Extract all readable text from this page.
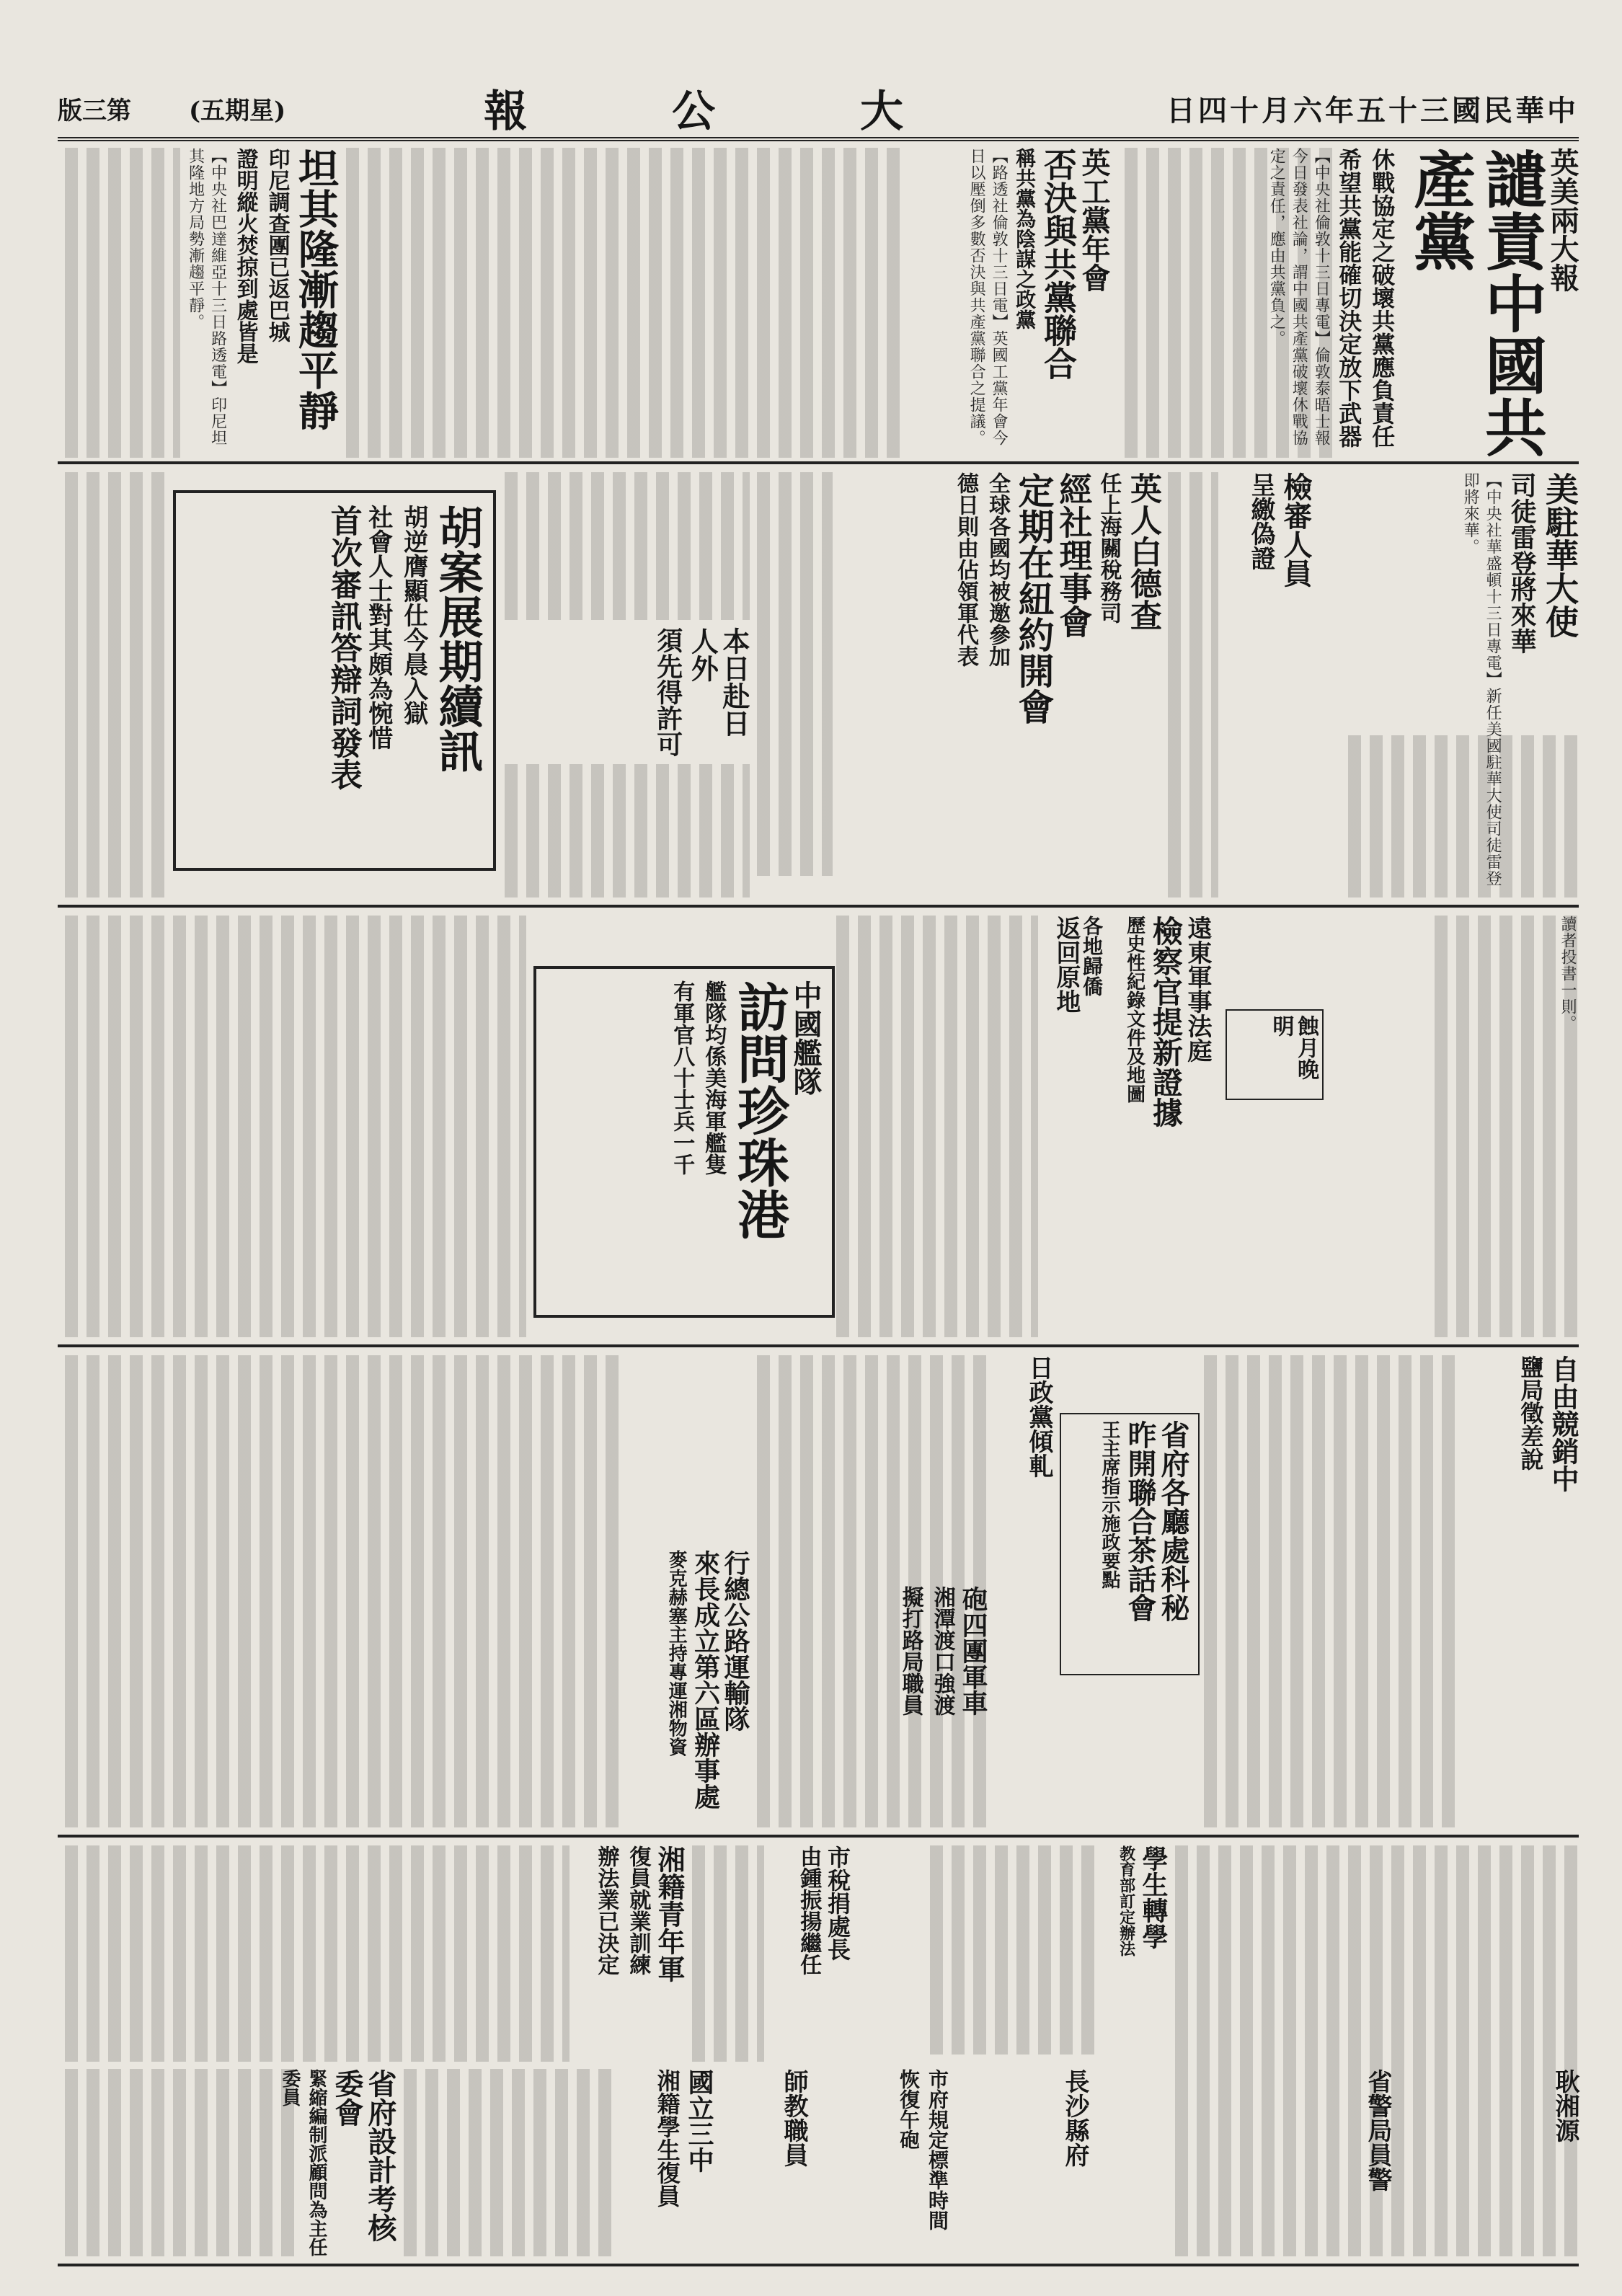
版三第 (五期星)	報 公 大	日四十月六年五十三國民華中
英美兩大報
譴責中國共產黨
休戰協定之破壞共黨應負責任
希望共黨能確切決定放下武器
【中央社倫敦十三日專電】倫敦泰晤士報今日發表社論，謂中國共產黨破壞休戰協定之責任，應由共黨負之。
英工黨年會
否決與共黨聯合
稱共黨為陰謀之政黨
【路透社倫敦十三日電】英國工黨年會今日以壓倒多數否決與共產黨聯合之提議。
坦其隆漸趨平靜
印尼調查團已返巴城
證明縱火焚掠到處皆是
【中央社巴達維亞十三日路透電】印尼坦其隆地方局勢漸趨平靜。
美駐華大使
司徒雷登將來華
【中央社華盛頓十三日專電】新任美國駐華大使司徒雷登即將來華。
檢審人員
呈繳偽證
英人白德查
任上海關稅務司
經社理事會
定期在紐約開會
全球各國均被邀參加
德日則由佔領軍代表
本日赴日人外
須先得許可
胡案展期續訊
胡逆膺顯仕今晨入獄
社會人士對其頗為惋惜
首次審訊答辯詞發表
讀者投書一則。
蝕月晚明
遠東軍事法庭
檢察官提新證據
歷史性紀錄文件及地圖
各地歸僑
返回原地
中國艦隊
訪問珍珠港
艦隊均係美海軍艦隻
有軍官八十士兵一千
自由競銷中
鹽局徵差說
省府各廳處科秘
昨開聯合茶話會
王主席指示施政要點
日政黨傾軋
行總公路運輸隊
來長成立第六區辦事處
麥克赫塞主持專運湘物資
學生轉學
教育部訂定辦法
砲四團軍車
湘潭渡口強渡
擬打路局職員
市稅捐處長
由鍾振揚繼任
湘籍青年軍
復員就業訓練
辦法業已決定
市府規定標準時間
恢復午砲
師教職員
省府設計考核委會
緊縮編制派顧問為主任委員	國立三中
湘籍學生復員	長沙縣府	省警局員警	耿湘源
